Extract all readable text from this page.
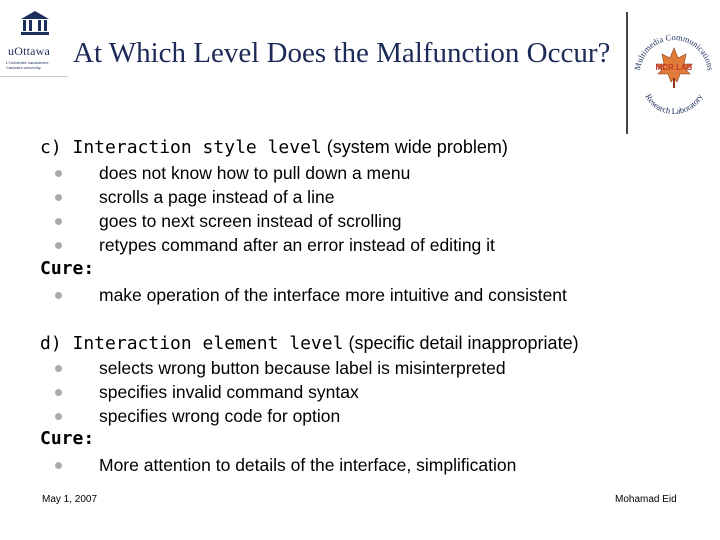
uOttawa
L'Université canadienne Canada's university	At Which Level Does the Malfunction Occur?	Multimedia Communications
Research Laboratory
MCR LAB
c) Interaction style level (system wide problem)
does not know how to pull down a menu
scrolls a page instead of a line
goes to next screen instead of scrolling
retypes command after an error instead of editing it
Cure:
make operation of the interface more intuitive and consistent
d) Interaction element level (specific detail inappropriate)
selects wrong button because label is misinterpreted
specifies invalid command syntax
specifies wrong code for option
Cure:
More attention to details of the interface, simplification
May 1, 2007	Mohamad Eid
